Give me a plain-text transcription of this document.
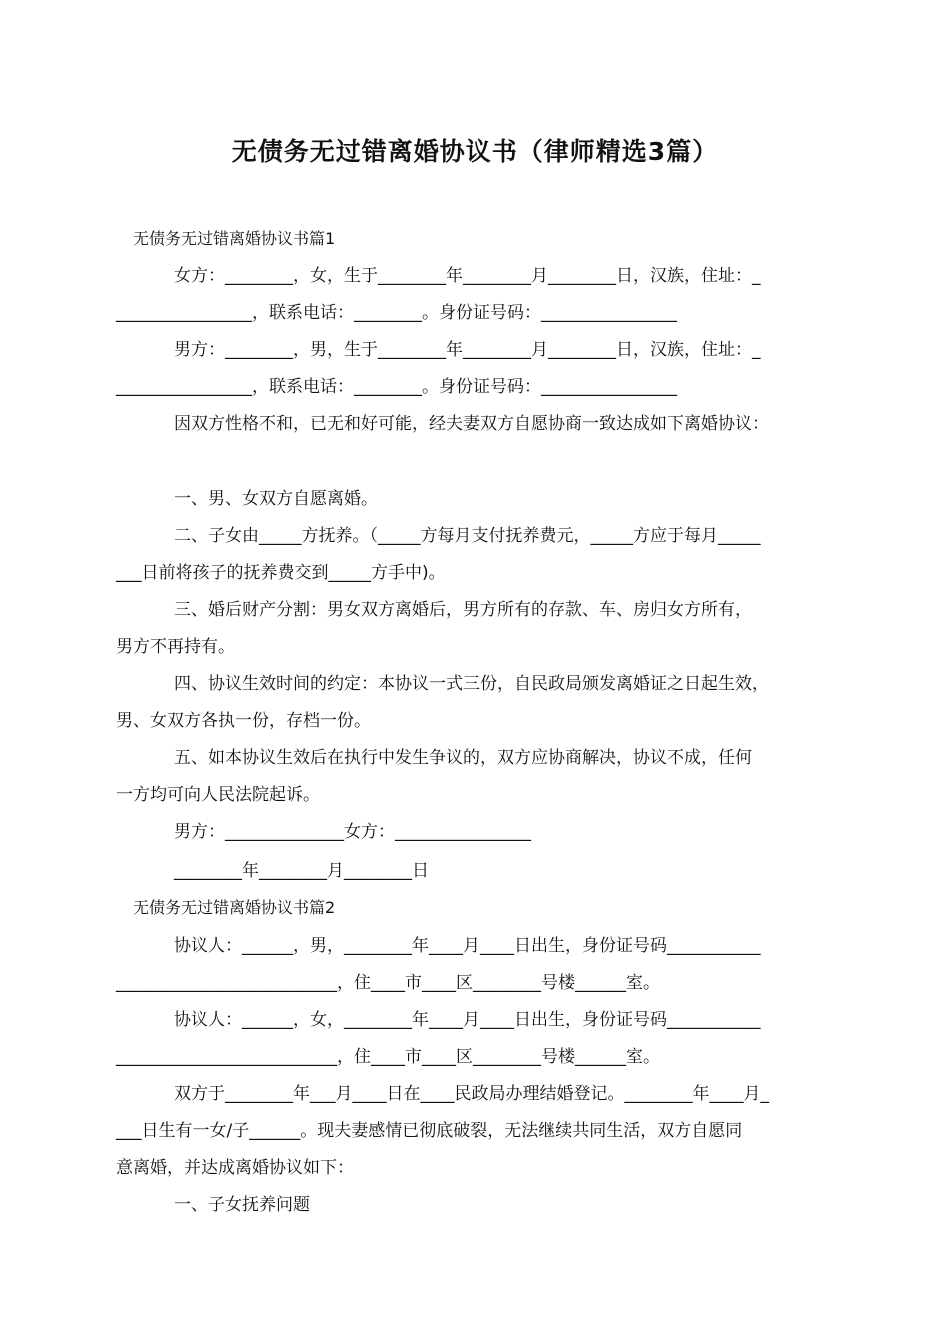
无债务无过错离婚协议书（律师精选3篇）
无债务无过错离婚协议书篇1
女方：________，女，生于________年________月________日，汉族，住址：_
________________，联系电话：________。身份证号码：________________
男方：________，男，生于________年________月________日，汉族，住址：_
________________，联系电话：________。身份证号码：________________
因双方性格不和，已无和好可能，经夫妻双方自愿协商一致达成如下离婚协议：
一、男、女双方自愿离婚。
二、子女由_____方抚养。（_____方每月支付抚养费元，_____方应于每月_____
___日前将孩子的抚养费交到_____方手中)。
三、婚后财产分割：男女双方离婚后，男方所有的存款、车、房归女方所有，
男方不再持有。
四、协议生效时间的约定：本协议一式三份，自民政局颁发离婚证之日起生效，
男、女双方各执一份，存档一份。
五、如本协议生效后在执行中发生争议的，双方应协商解决，协议不成，任何
一方均可向人民法院起诉。
男方：______________女方：________________
________年________月________日
无债务无过错离婚协议书篇2
协议人：______，男，________年____月____日出生，身份证号码___________
__________________________，住____市____区________号楼______室。
协议人：______，女，________年____月____日出生，身份证号码___________
__________________________，住____市____区________号楼______室。
双方于________年___月____日在____民政局办理结婚登记。________年____月_
___日生有一女/子______。现夫妻感情已彻底破裂，无法继续共同生活，双方自愿同
意离婚，并达成离婚协议如下：
一、子女抚养问题
